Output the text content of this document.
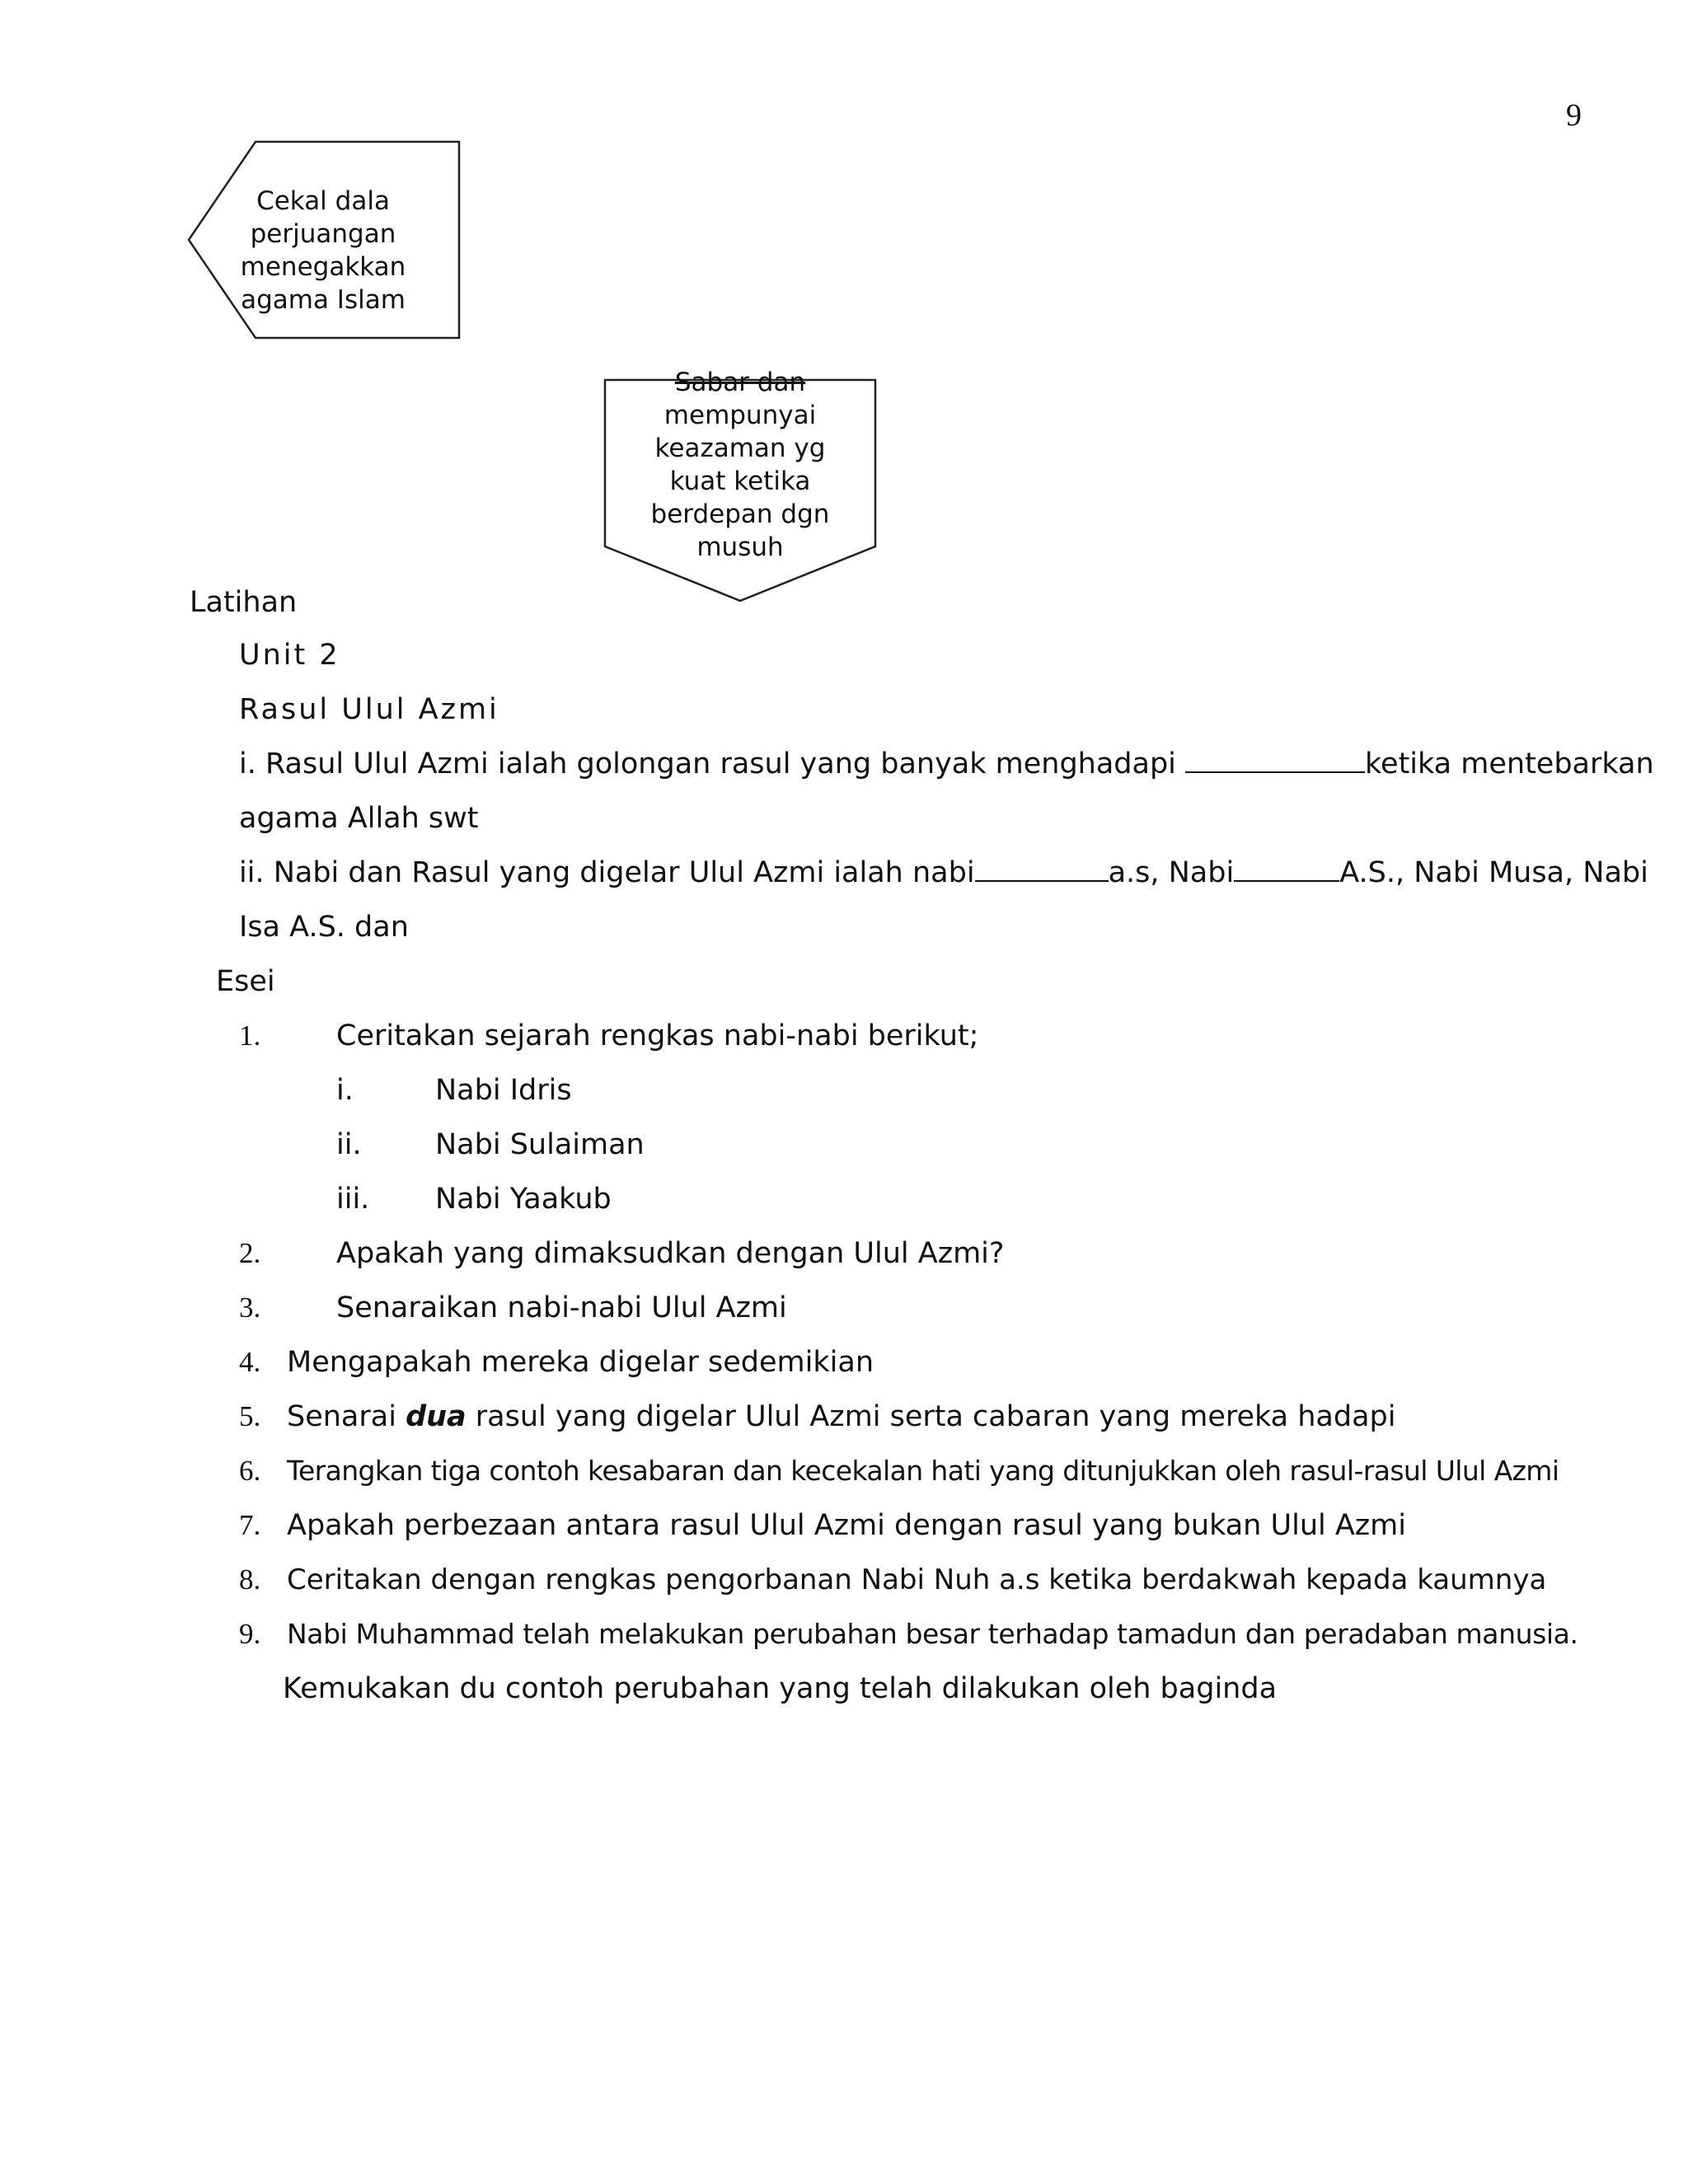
9
Cekal dala
perjuangan
menegakkan
agama Islam
Sabar dan
mempunyai
keazaman yg
kuat ketika
berdepan dgn
musuh
Latihan
Unit 2
Rasul Ulul Azmi
i. Rasul Ulul Azmi ialah golongan rasul yang banyak menghadapi	ketika mentebarkan
agama Allah swt
ii. Nabi dan Rasul yang digelar Ulul Azmi ialah nabi	a.s, Nabi	A.S., Nabi Musa, Nabi
Isa A.S. dan
Esei
1.	Ceritakan sejarah rengkas nabi-nabi berikut;
i.	Nabi Idris
ii.	Nabi Sulaiman
iii. Nabi Yaakub
2.	Apakah yang dimaksudkan dengan Ulul Azmi?
3.	Senaraikan nabi-nabi Ulul Azmi
4. Mengapakah mereka digelar sedemikian
5. Senarai dua rasul yang digelar Ulul Azmi serta cabaran yang mereka hadapi
6. Terangkan tiga contoh kesabaran dan kecekalan hati yang ditunjukkan oleh rasul-rasul Ulul Azmi
7. Apakah perbezaan antara rasul Ulul Azmi dengan rasul yang bukan Ulul Azmi
8. Ceritakan dengan rengkas pengorbanan Nabi Nuh a.s ketika berdakwah kepada kaumnya
9. Nabi Muhammad telah melakukan perubahan besar terhadap tamadun dan peradaban manusia.
Kemukakan du contoh perubahan yang telah dilakukan oleh baginda
